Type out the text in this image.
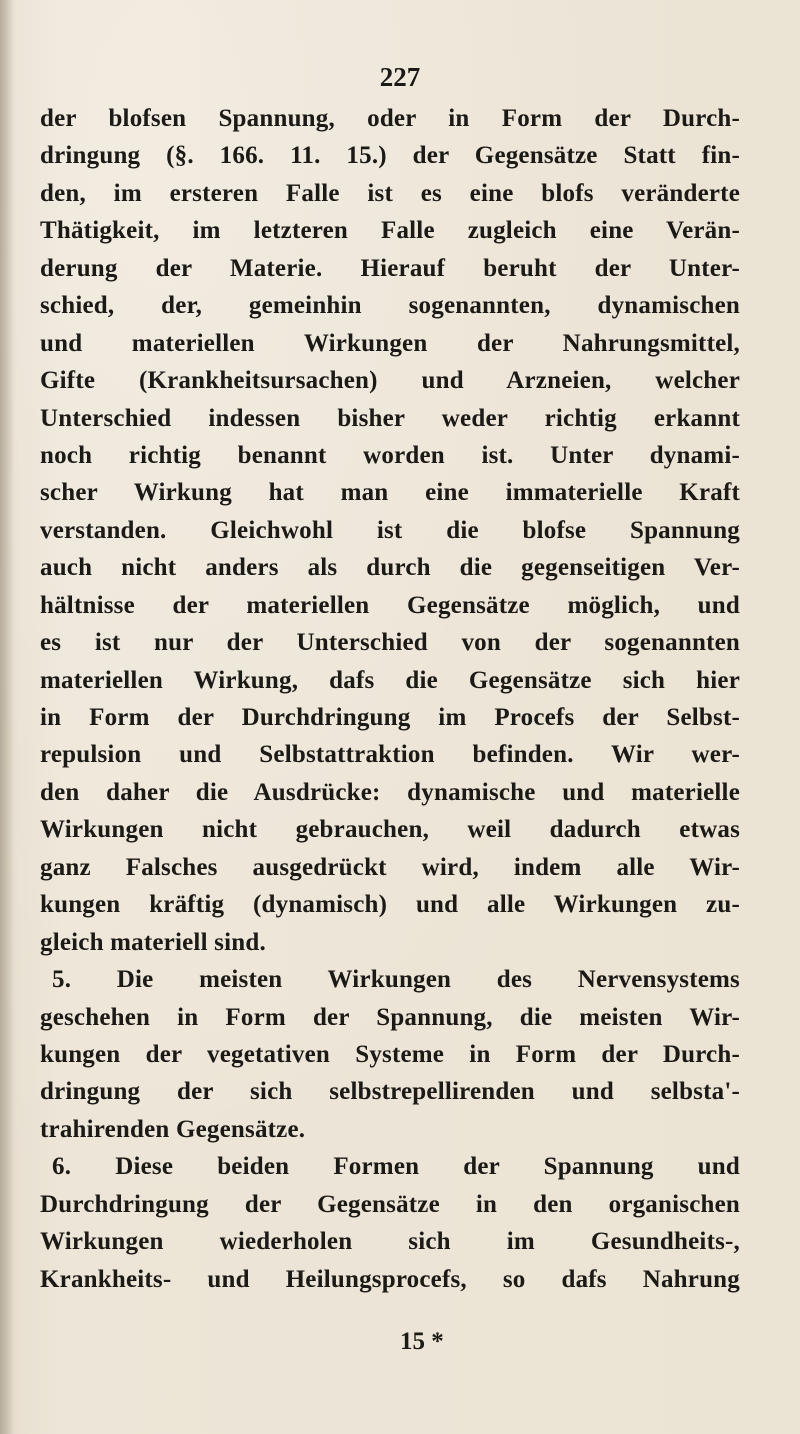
227
der blofsen Spannung, oder in Form der Durch-
dringung (§. 166. 11. 15.) der Gegensätze Statt fin-
den, im ersteren Falle ist es eine blofs veränderte
Thätigkeit, im letzteren Falle zugleich eine Verän-
derung der Materie. Hierauf beruht der Unter-
schied, der, gemeinhin sogenannten, dynamischen
und materiellen Wirkungen der Nahrungsmittel,
Gifte (Krankheitsursachen) und Arzneien, welcher
Unterschied indessen bisher weder richtig erkannt
noch richtig benannt worden ist. Unter dynami-
scher Wirkung hat man eine immaterielle Kraft
verstanden. Gleichwohl ist die blofse Spannung
auch nicht anders als durch die gegenseitigen Ver-
hältnisse der materiellen Gegensätze möglich, und
es ist nur der Unterschied von der sogenannten
materiellen Wirkung, dafs die Gegensätze sich hier
in Form der Durchdringung im Procefs der Selbst-
repulsion und Selbstattraktion befinden. Wir wer-
den daher die Ausdrücke: dynamische und materielle
Wirkungen nicht gebrauchen, weil dadurch etwas
ganz Falsches ausgedrückt wird, indem alle Wir-
kungen kräftig (dynamisch) und alle Wirkungen zu-
gleich materiell sind.
5. Die meisten Wirkungen des Nervensystems
geschehen in Form der Spannung, die meisten Wir-
kungen der vegetativen Systeme in Form der Durch-
dringung der sich selbstrepellirenden und selbsta'-
trahirenden Gegensätze.
6. Diese beiden Formen der Spannung und
Durchdringung der Gegensätze in den organischen
Wirkungen wiederholen sich im Gesundheits-,
Krankheits- und Heilungsprocefs, so dafs Nahrung
15 *
